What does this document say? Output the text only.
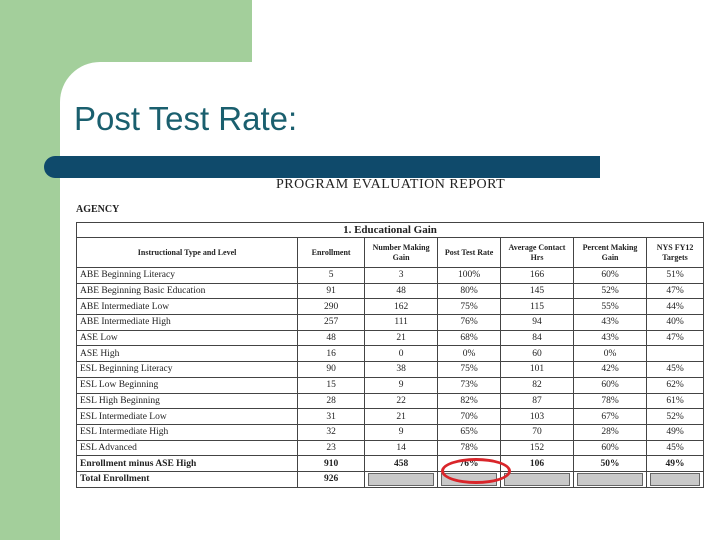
Post Test Rate:
PROGRAM EVALUATION REPORT
AGENCY
1. Educational Gain						
Instructional Type and Level	Enrollment	Number Making Gain	Post Test Rate	Average Contact Hrs	Percent Making Gain	NYS FY12 Targets
ABE Beginning Literacy	5	3	100%	166	60%	51%
ABE Beginning Basic Education	91	48	80%	145	52%	47%
ABE Intermediate Low	290	162	75%	115	55%	44%
ABE Intermediate High	257	111	76%	94	43%	40%
ASE Low	48	21	68%	84	43%	47%
ASE High	16	0	0%	60	0%	
ESL Beginning Literacy	90	38	75%	101	42%	45%
ESL Low Beginning	15	9	73%	82	60%	62%
ESL High Beginning	28	22	82%	87	78%	61%
ESL Intermediate Low	31	21	70%	103	67%	52%
ESL Intermediate High	32	9	65%	70	28%	49%
ESL Advanced	23	14	78%	152	60%	45%
Enrollment minus ASE High	910	458	76%	106	50%	49%
Total Enrollment	926	
